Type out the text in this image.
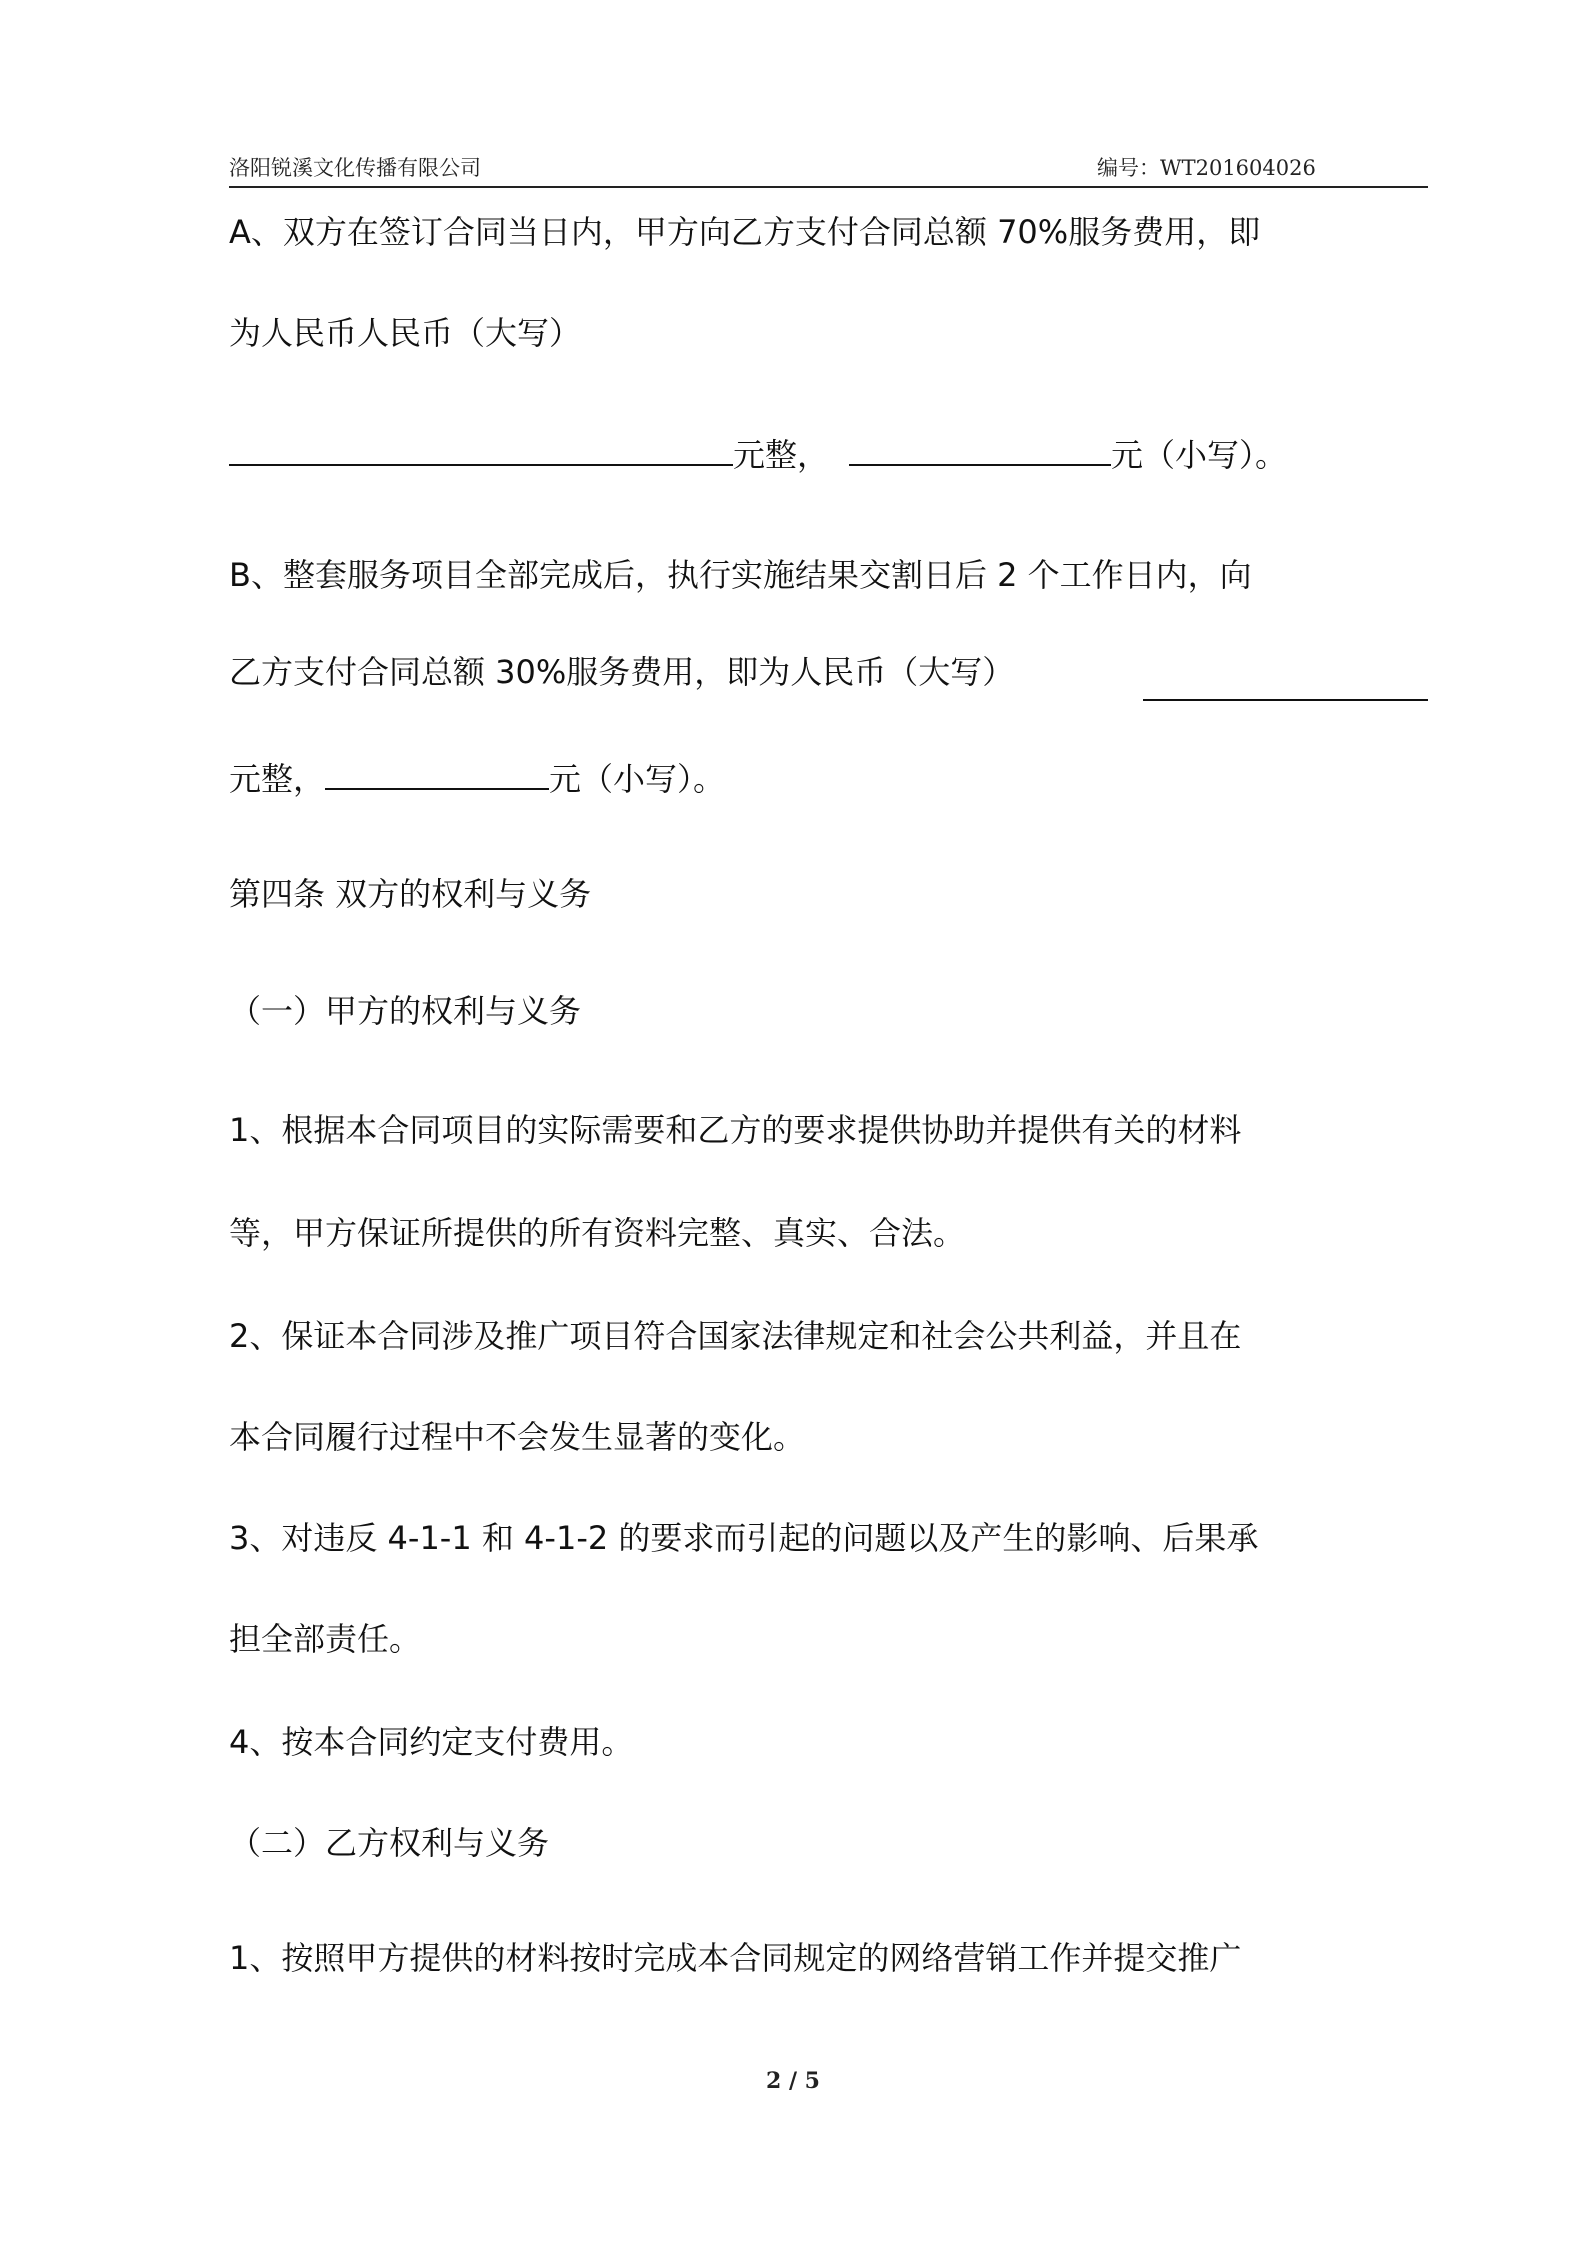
洛阳锐溪文化传播有限公司	编号：WT201604026
A、双方在签订合同当日内，甲方向乙方支付合同总额 70%服务费用，即
为人民币人民币（大写）
元整，	元（小写）。
B、整套服务项目全部完成后，执行实施结果交割日后 2 个工作日内，向
乙方支付合同总额 30%服务费用，即为人民币（大写）
元整，	元（小写）。
第四条 双方的权利与义务
（一）甲方的权利与义务
1、根据本合同项目的实际需要和乙方的要求提供协助并提供有关的材料
等，甲方保证所提供的所有资料完整、真实、合法。
2、保证本合同涉及推广项目符合国家法律规定和社会公共利益，并且在
本合同履行过程中不会发生显著的变化。
3、对违反 4-1-1 和 4-1-2 的要求而引起的问题以及产生的影响、后果承
担全部责任。
4、按本合同约定支付费用。
（二）乙方权利与义务
1、按照甲方提供的材料按时完成本合同规定的网络营销工作并提交推广
2 / 5
